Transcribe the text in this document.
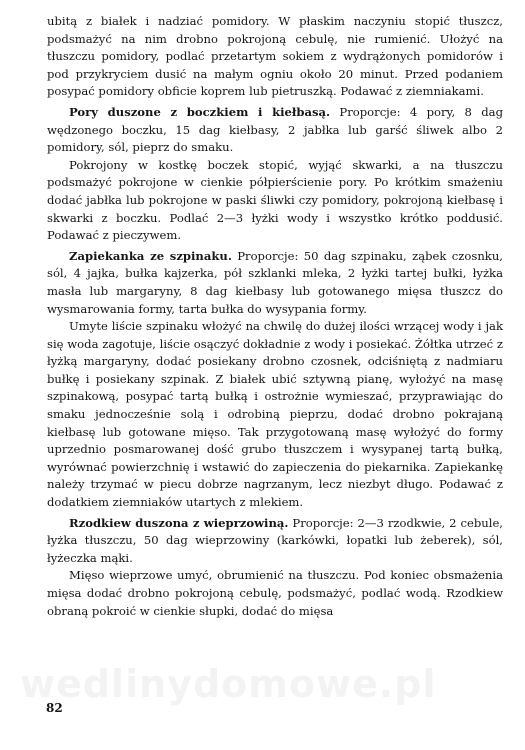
ubitą z białek i nadziać pomidory. W płaskim naczyniu stopić tłuszcz, podsmażyć na nim drobno pokrojoną cebulę, nie rumienić. Ułożyć na tłuszczu pomidory, podlać przetartym sokiem z wydrążonych pomidorów i pod przykryciem dusić na małym ogniu około 20 minut. Przed podaniem posypać pomidory obficie koprem lub pietruszką. Podawać z ziemniakami.

Pory duszone z boczkiem i kiełbasą. Proporcje: 4 pory, 8 dag wędzonego boczku, 15 dag kiełbasy, 2 jabłka lub garść śliwek albo 2 pomidory, sól, pieprz do smaku.

Pokrojony w kostkę boczek stopić, wyjąć skwarki, a na tłuszczu podsmażyć pokrojone w cienkie półpierścienie pory. Po krótkim smażeniu dodać jabłka lub pokrojone w paski śliwki czy pomidory, pokrojoną kiełbasę i skwarki z boczku. Podlać 2—3 łyżki wody i wszystko krótko poddusić. Podawać z pieczywem.

Zapiekanka ze szpinaku. Proporcje: 50 dag szpinaku, ząbek czosnku, sól, 4 jajka, bułka kajzerka, pół szklanki mleka, 2 łyżki tartej bułki, łyżka masła lub margaryny, 8 dag kiełbasy lub gotowanego mięsa tłuszcz do wysmarowania formy, tarta bułka do wysypania formy.

Umyte liście szpinaku włożyć na chwilę do dużej ilości wrzącej wody i jak się woda zagotuje, liście osączyć dokładnie z wody i posiekać. Żółtka utrzeć z łyżką margaryny, dodać posiekany drobno czosnek, odciśniętą z nadmiaru bułkę i posiekany szpinak. Z białek ubić sztywną pianę, wyłożyć na masę szpinakową, posypać tartą bułką i ostrożnie wymieszać, przyprawiając do smaku jednocześnie solą i odrobiną pieprzu, dodać drobno pokrajaną kiełbasę lub gotowane mięso. Tak przygotowaną masę wyłożyć do formy uprzednio posmarowanej dość grubo tłuszczem i wysypanej tartą bułką, wyrównać powierzchnię i wstawić do zapieczenia do piekarnika. Zapiekankę należy trzymać w piecu dobrze nagrzanym, lecz niezbyt długo. Podawać z dodatkiem ziemniaków utartych z mlekiem.

Rzodkiew duszona z wieprzowiną. Proporcje: 2—3 rzodkwie, 2 cebule, łyżka tłuszczu, 50 dag wieprzowiny (karkówki, łopatki lub żeberek), sól, łyżeczka mąki.

Mięso wieprzowe umyć, obrumienić na tłuszczu. Pod koniec obsmażenia mięsa dodać drobno pokrojoną cebulę, podsmażyć, podlać wodą. Rzodkiew obraną pokroić w cienkie słupki, dodać do mięsa

82
